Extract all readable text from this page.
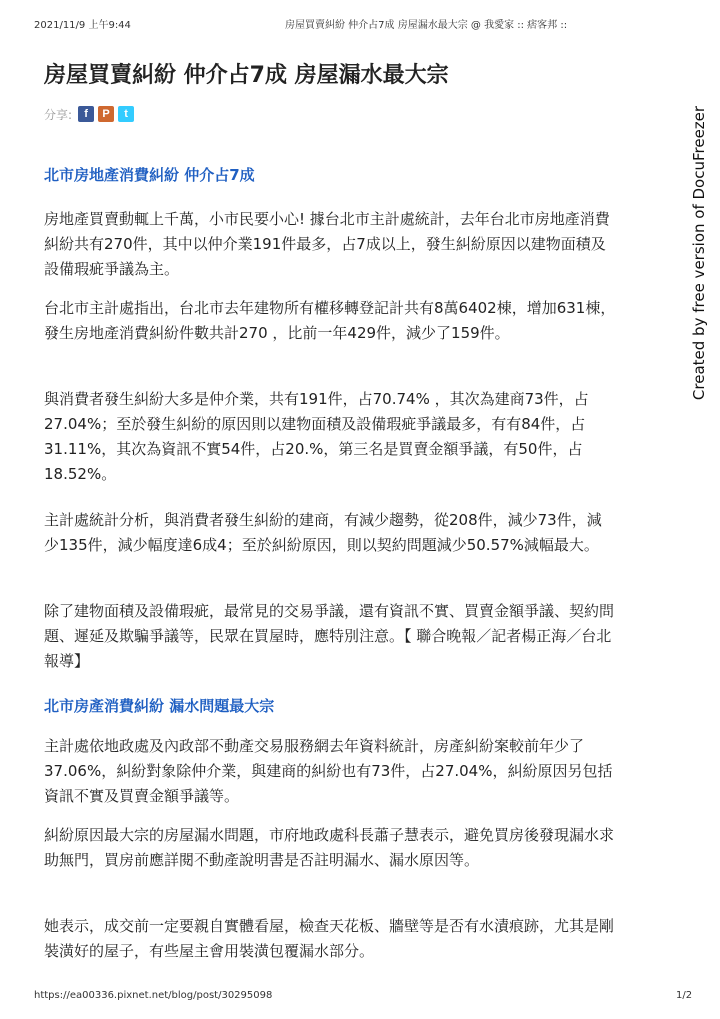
2021/11/9 上午9:44	房屋買賣糾紛 仲介占7成 房屋漏水最大宗 @ 我愛家 :: 痞客邦 ::
Created by free version of DocuFreezer
房屋買賣糾紛 仲介占7成 房屋漏水最大宗
分享:	f	P	t
北市房地產消費糾紛 仲介占7成

房地產買賣動輒上千萬，小市民要小心! 據台北市主計處統計，去年台北市房地產消費糾紛共有270件，其中以仲介業191件最多，占7成以上，發生糾紛原因以建物面積及設備瑕疵爭議為主。

台北市主計處指出，台北市去年建物所有權移轉登記計共有8萬6402棟，增加631棟，發生房地產消費糾紛件數共計270 ，比前一年429件，減少了159件。

與消費者發生糾紛大多是仲介業，共有191件，占70.74% ，其次為建商73件，占27.04%；至於發生糾紛的原因則以建物面積及設備瑕疵爭議最多，有有84件，占31.11%，其次為資訊不實54件，占20.%，第三名是買賣金額爭議，有50件，占18.52%。

主計處統計分析，與消費者發生糾紛的建商，有減少趨勢，從208件，減少73件，減少135件，減少幅度達6成4；至於糾紛原因，則以契約問題減少50.57%減幅最大。

除了建物面積及設備瑕疵，最常見的交易爭議，還有資訊不實、買賣金額爭議、契約問題、遲延及欺騙爭議等，民眾在買屋時，應特別注意。【 聯合晚報／記者楊正海／台北報導】

北市房產消費糾紛 漏水問題最大宗

主計處依地政處及內政部不動產交易服務網去年資料統計，房產糾紛案較前年少了37.06%，糾紛對象除仲介業，與建商的糾紛也有73件，占27.04%，糾紛原因另包括資訊不實及買賣金額爭議等。

糾紛原因最大宗的房屋漏水問題，市府地政處科長蕭子慧表示，避免買房後發現漏水求助無門，買房前應詳閱不動產說明書是否註明漏水、漏水原因等。

她表示，成交前一定要親自實體看屋，檢查天花板、牆壁等是否有水漬痕跡，尤其是剛裝潢好的屋子，有些屋主會用裝潢包覆漏水部分。

https://ea00336.pixnet.net/blog/post/30295098	1/2
